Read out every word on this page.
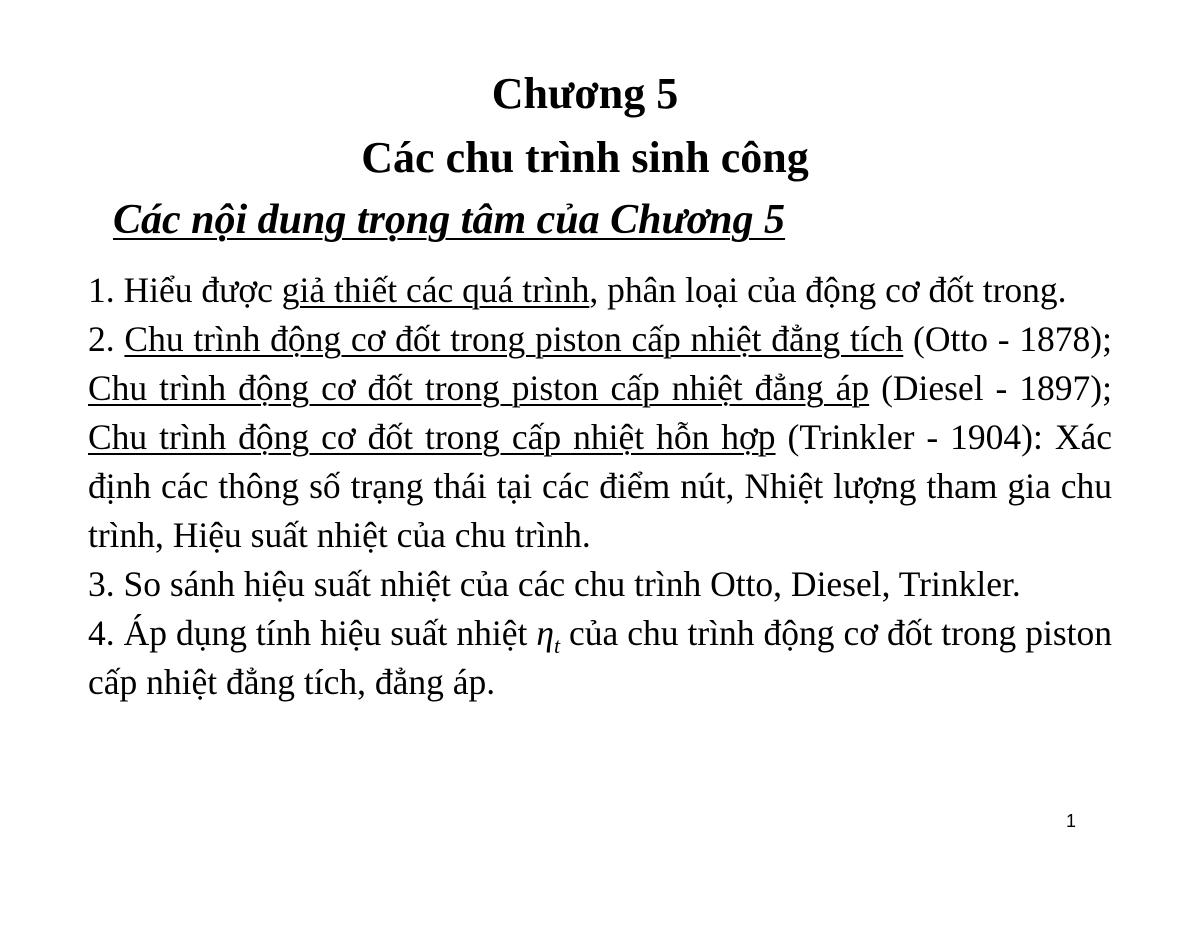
Chương 5
Các chu trình sinh công
Các nội dung trọng tâm của Chương 5

1. Hiểu được giả thiết các quá trình, phân loại của động cơ đốt trong.

2. Chu trình động cơ đốt trong piston cấp nhiệt đẳng tích (Otto - 1878); Chu trình động cơ đốt trong piston cấp nhiệt đẳng áp (Diesel - 1897); Chu trình động cơ đốt trong cấp nhiệt hỗn hợp (Trinkler - 1904): Xác định các thông số trạng thái tại các điểm nút, Nhiệt lượng tham gia chu trình, Hiệu suất nhiệt của chu trình.

3. So sánh hiệu suất nhiệt của các chu trình Otto, Diesel, Trinkler.

4. Áp dụng tính hiệu suất nhiệt $\eta_t$ của chu trình động cơ đốt trong piston cấp nhiệt đẳng tích, đẳng áp.

1
